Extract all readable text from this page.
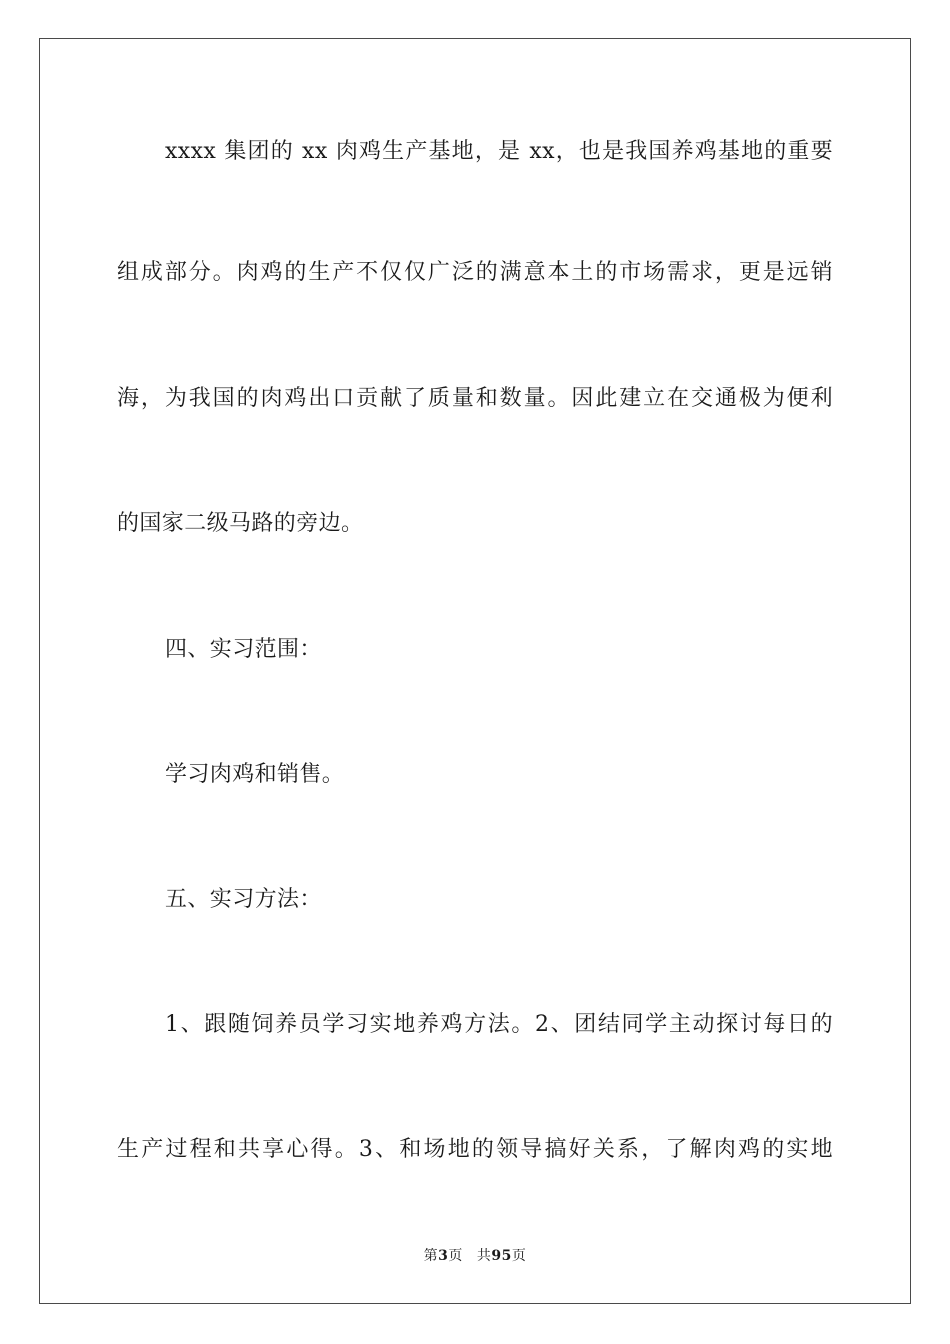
xxxx 集团的 xx 肉鸡生产基地，是 xx，也是我国养鸡基地的重要
组成部分。肉鸡的生产不仅仅广泛的满意本土的市场需求，更是远销
海，为我国的肉鸡出口贡献了质量和数量。因此建立在交通极为便利
的国家二级马路的旁边。
四、实习范围：
学习肉鸡和销售。
五、实习方法：
1、跟随饲养员学习实地养鸡方法。2、团结同学主动探讨每日的
生产过程和共享心得。3、和场地的领导搞好关系，了解肉鸡的实地
第3页 共95页
